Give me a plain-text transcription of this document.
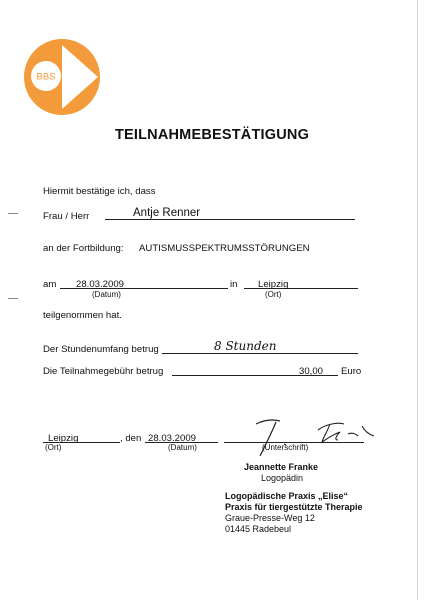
BBS
TEILNAHMEBESTÄTIGUNG
Hiermit bestätige ich, dass
Frau / Herr	Antje Renner
an der Fortbildung: AUTISMUSSPEKTRUMSSTÖRUNGEN
am 28.03.2009
(Datum)
in Leipzig
(Ort)
teilgenommen hat.
Der Stundenumfang betrug	8 Stunden
Die Teilnahmegebühr betrug	30,00 Euro
Leipzig
(Ort)
, den 28.03.2009
(Datum)	(Unterschrift)
Jeannette Franke
Logopädin
Logopädische Praxis „Elise“
Praxis für tiergestützte Therapie
Graue-Presse-Weg 12
01445 Radebeul
